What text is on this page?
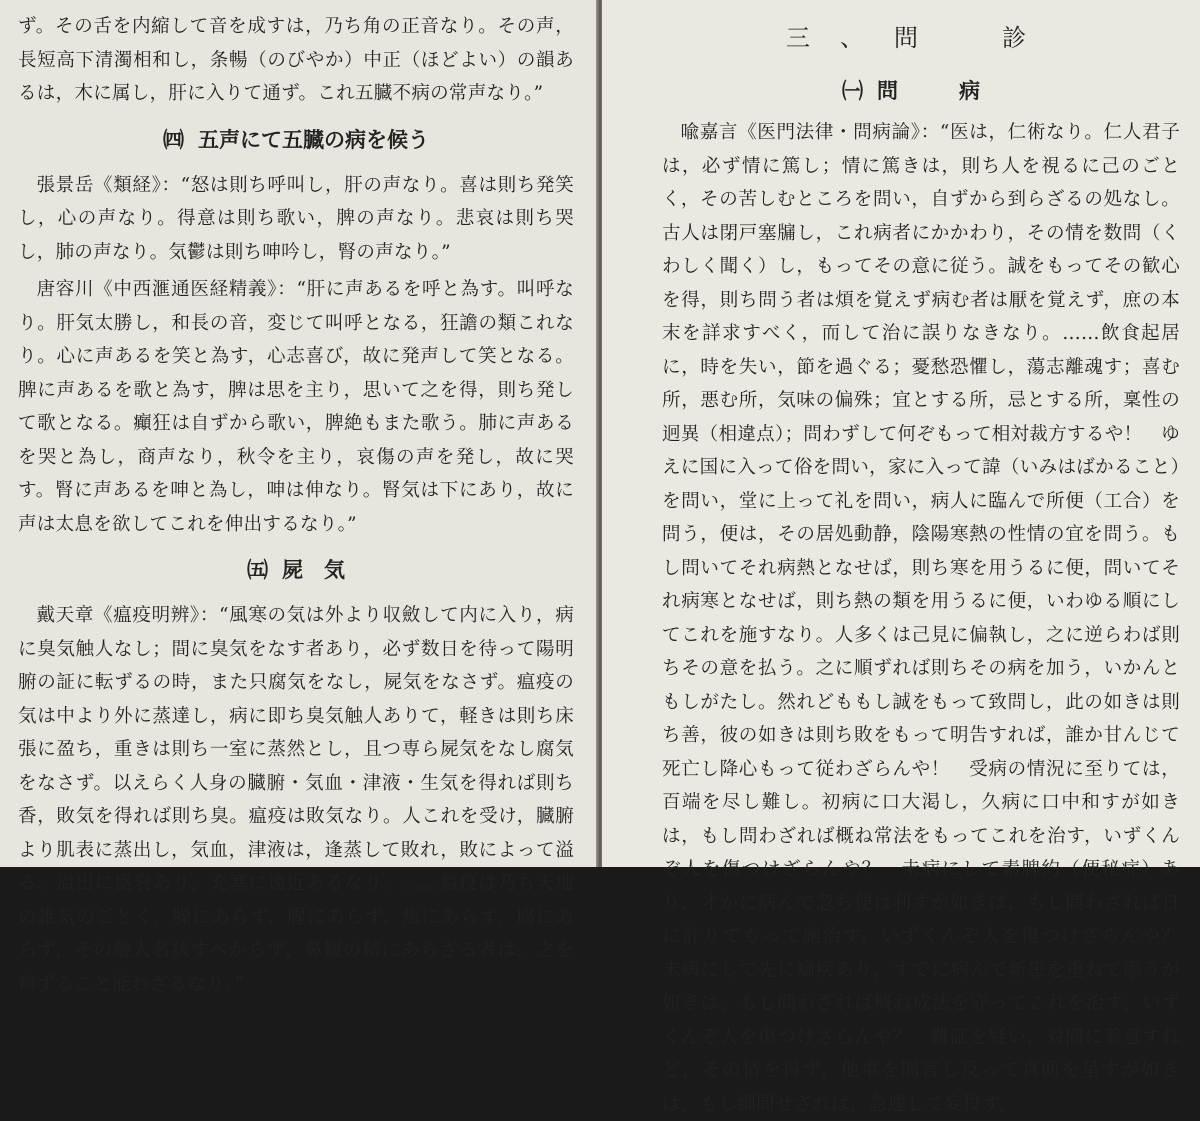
ず。その舌を内縮して音を成すは，乃ち角の正音なり。その声，長短高下清濁相和し，条暢（のびやか）中正（ほどよい）の韻あるは，木に属し，肝に入りて通ず。これ五臓不病の常声なり。”

㈣ 五声にて五臓の病を候う

張景岳《類経》：“怒は則ち呼叫し，肝の声なり。喜は則ち発笑し，心の声なり。得意は則ち歌い，脾の声なり。悲哀は則ち哭し，肺の声なり。気鬱は則ち呻吟し，腎の声なり。”

唐容川《中西滙通医経精義》：“肝に声あるを呼と為す。叫呼なり。肝気太勝し，和長の音，変じて叫呼となる，狂譫の類これなり。心に声あるを笑と為す，心志喜び，故に発声して笑となる。脾に声あるを歌と為す，脾は思を主り，思いて之を得，則ち発して歌となる。癲狂は自ずから歌い，脾絶もまた歌う。肺に声あるを哭と為し，商声なり，秋令を主り，哀傷の声を発し，故に哭す。腎に声あるを呻と為し，呻は伸なり。腎気は下にあり，故に声は太息を欲してこれを伸出するなり。”

㈤ 屍　気

戴天章《瘟疫明辨》：“風寒の気は外より収斂して内に入り，病に臭気触人なし；間に臭気をなす者あり，必ず数日を待って陽明腑の証に転ずるの時，また只腐気をなし，屍気をなさず。瘟疫の気は中より外に蒸達し，病に即ち臭気触人ありて，軽きは則ち床張に盈ち，重きは則ち一室に蒸然とし，且つ専ら屍気をなし腐気をなさず。以えらく人身の臓腑・気血・津液・生気を得れば則ち香，敗気を得れば則ち臭。瘟疫は敗気なり。人これを受け，臓腑より肌表に蒸出し，気血，津液は，逢蒸して敗れ，敗によって溢る。溢出に盛衰あり，充塞に遠近あるなり。……瘟疫は乃ち天地の雑気のごとく，臊にあらず，腥にあらず，焦にあらず，腐にあらず，その触人名状すべからず，鼻観の精にあらざる者は，之を辨ずること能わざるなり。”

三、問　診
㈠ 問　病

喩嘉言《医門法律・問病論》：“医は，仁術なり。仁人君子は，必ず情に篤し；情に篤きは，則ち人を視るに己のごとく，その苦しむところを問い，自ずから到らざるの処なし。古人は閉戸塞牖し，これ病者にかかわり，その情を数問（くわしく聞く）し，もってその意に従う。誠をもってその歓心を得，則ち問う者は煩を覚えず病む者は厭を覚えず，庶の本末を詳求すべく，而して治に誤りなきなり。……飲食起居に，時を失い，節を過ぐる；憂愁恐懼し，蕩志離魂す；喜む所，悪む所，気味の偏殊；宜とする所，忌とする所，稟性の迥異（相違点）；問わずして何ぞもって相対裁方するや！　ゆえに国に入って俗を問い，家に入って諱（いみはばかること）を問い，堂に上って礼を問い，病人に臨んで所便（工合）を問う，便は，その居処動静，陰陽寒熱の性情の宜を問う。もし問いてそれ病熱となせば，則ち寒を用うるに便，問いてそれ病寒となせば，則ち熱の類を用うるに便，いわゆる順にしてこれを施すなり。人多くは己見に偏執し，之に逆らわば則ちその意を払う。之に順ずれば則ちその病を加う，いかんともしがたし。然れどももし誠をもって致問し，此の如きは則ち善，彼の如きは則ち敗をもって明告すれば，誰か甘んじて死亡し降心もって従わざらんや！　受病の情況に至りては，百端を尽し難し。初病に口大渇し，久病に口中和すが如きは，もし問わざれば概ね常法をもってこれを治す，いずくんぞ人を傷つけざらんや？　未病にして素脾約（便秘症）あり，才かに病んで忽ち便は利すが如きは，もし問わざれば日に計りてもって施治す，いずくんぞ人を傷つけざらんや？　未病にして先に痼疾あり，すでに病んで新患を重ねて添うが如きは，もし問わざれば概ね成法を守ってこれを治す，いずくんぞ人を傷つけざらんや？　難証を疑い，対問に着意すれど，その情を得ず，他事を間言し反って真面を呈すが如きは，もし細問せざれば，急遽して妄投す，
